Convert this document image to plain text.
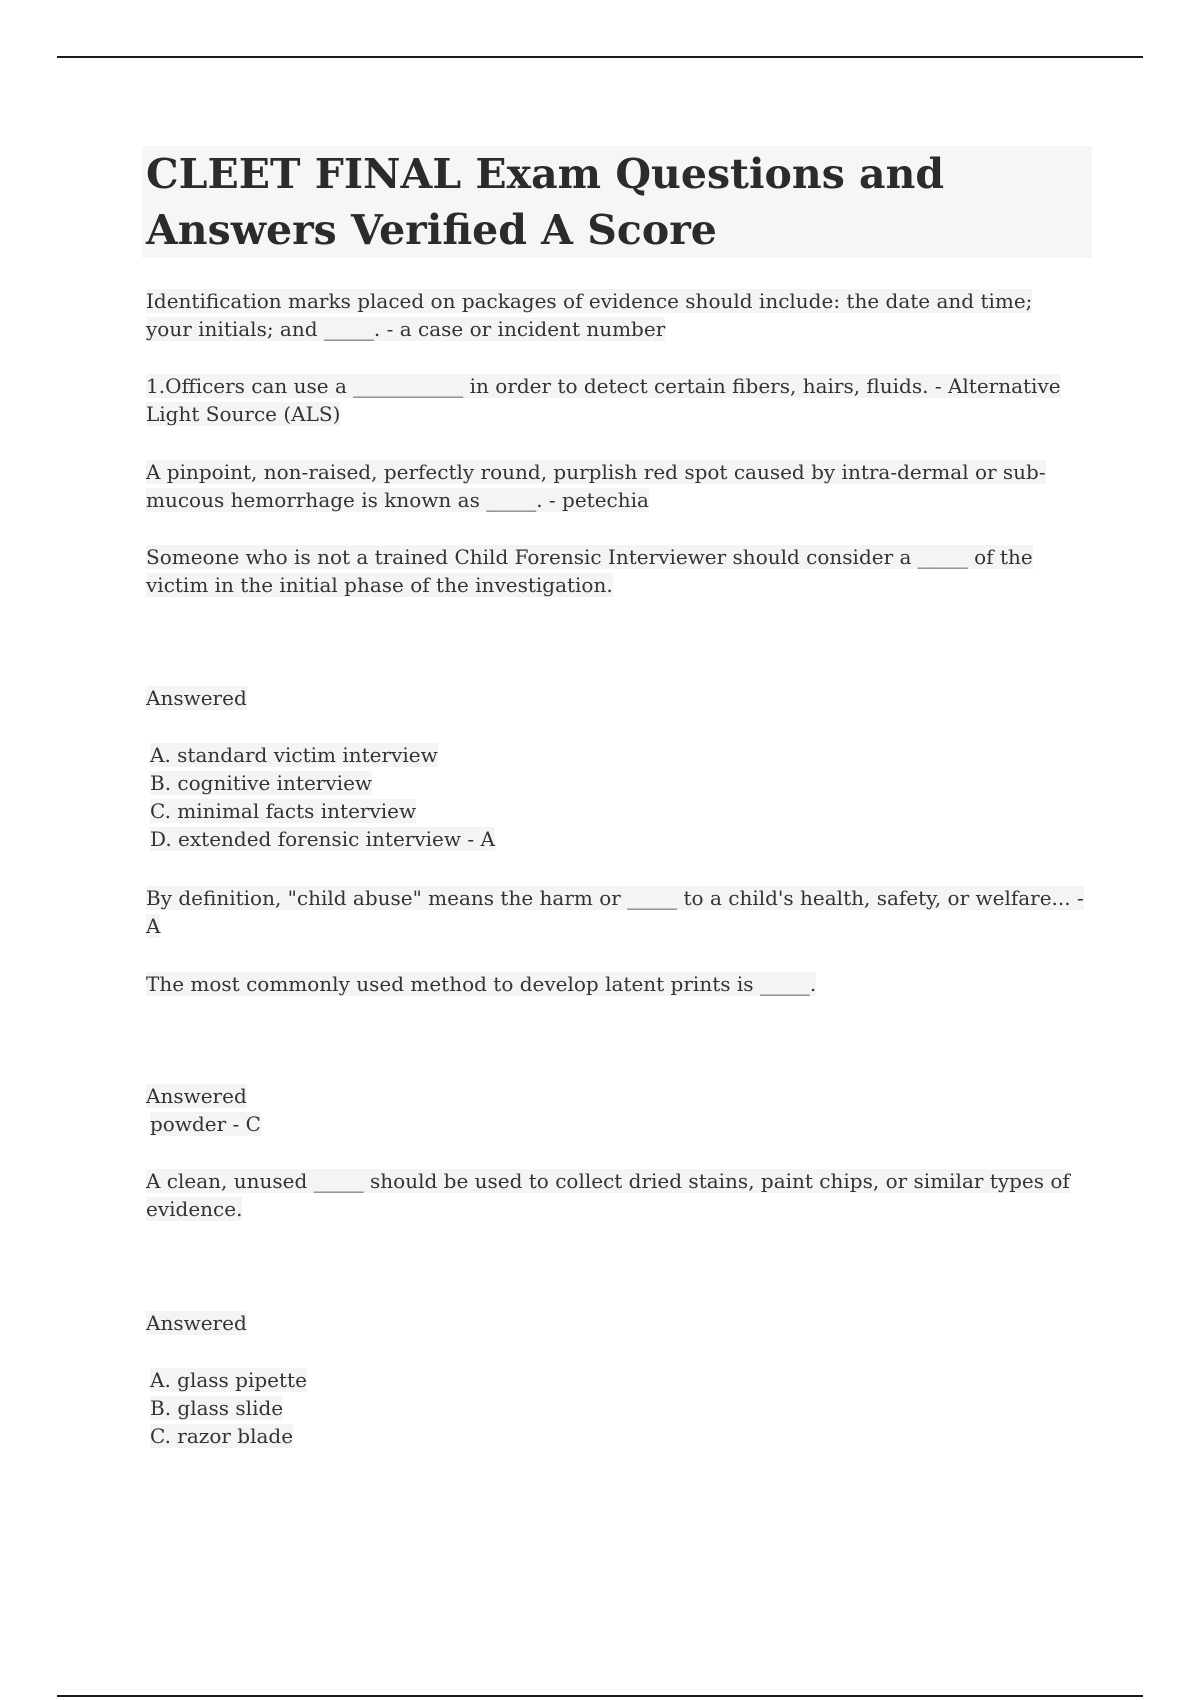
CLEET FINAL Exam Questions and
Answers Verified A Score

Identification marks placed on packages of evidence should include: the date and time;
your initials; and _____. - a case or incident number

1.Officers can use a ___________ in order to detect certain fibers, hairs, fluids. - Alternative
Light Source (ALS)

A pinpoint, non-raised, perfectly round, purplish red spot caused by intra-dermal or sub-
mucous hemorrhage is known as _____. - petechia

Someone who is not a trained Child Forensic Interviewer should consider a _____ of the
victim in the initial phase of the investigation.

Answered

A. standard victim interview
B. cognitive interview
C. minimal facts interview
D. extended forensic interview - A

By definition, "child abuse" means the harm or _____ to a child's health, safety, or welfare... -
A

The most commonly used method to develop latent prints is _____.

Answered

powder - C

A clean, unused _____ should be used to collect dried stains, paint chips, or similar types of
evidence.

Answered

A. glass pipette
B. glass slide
C. razor blade
